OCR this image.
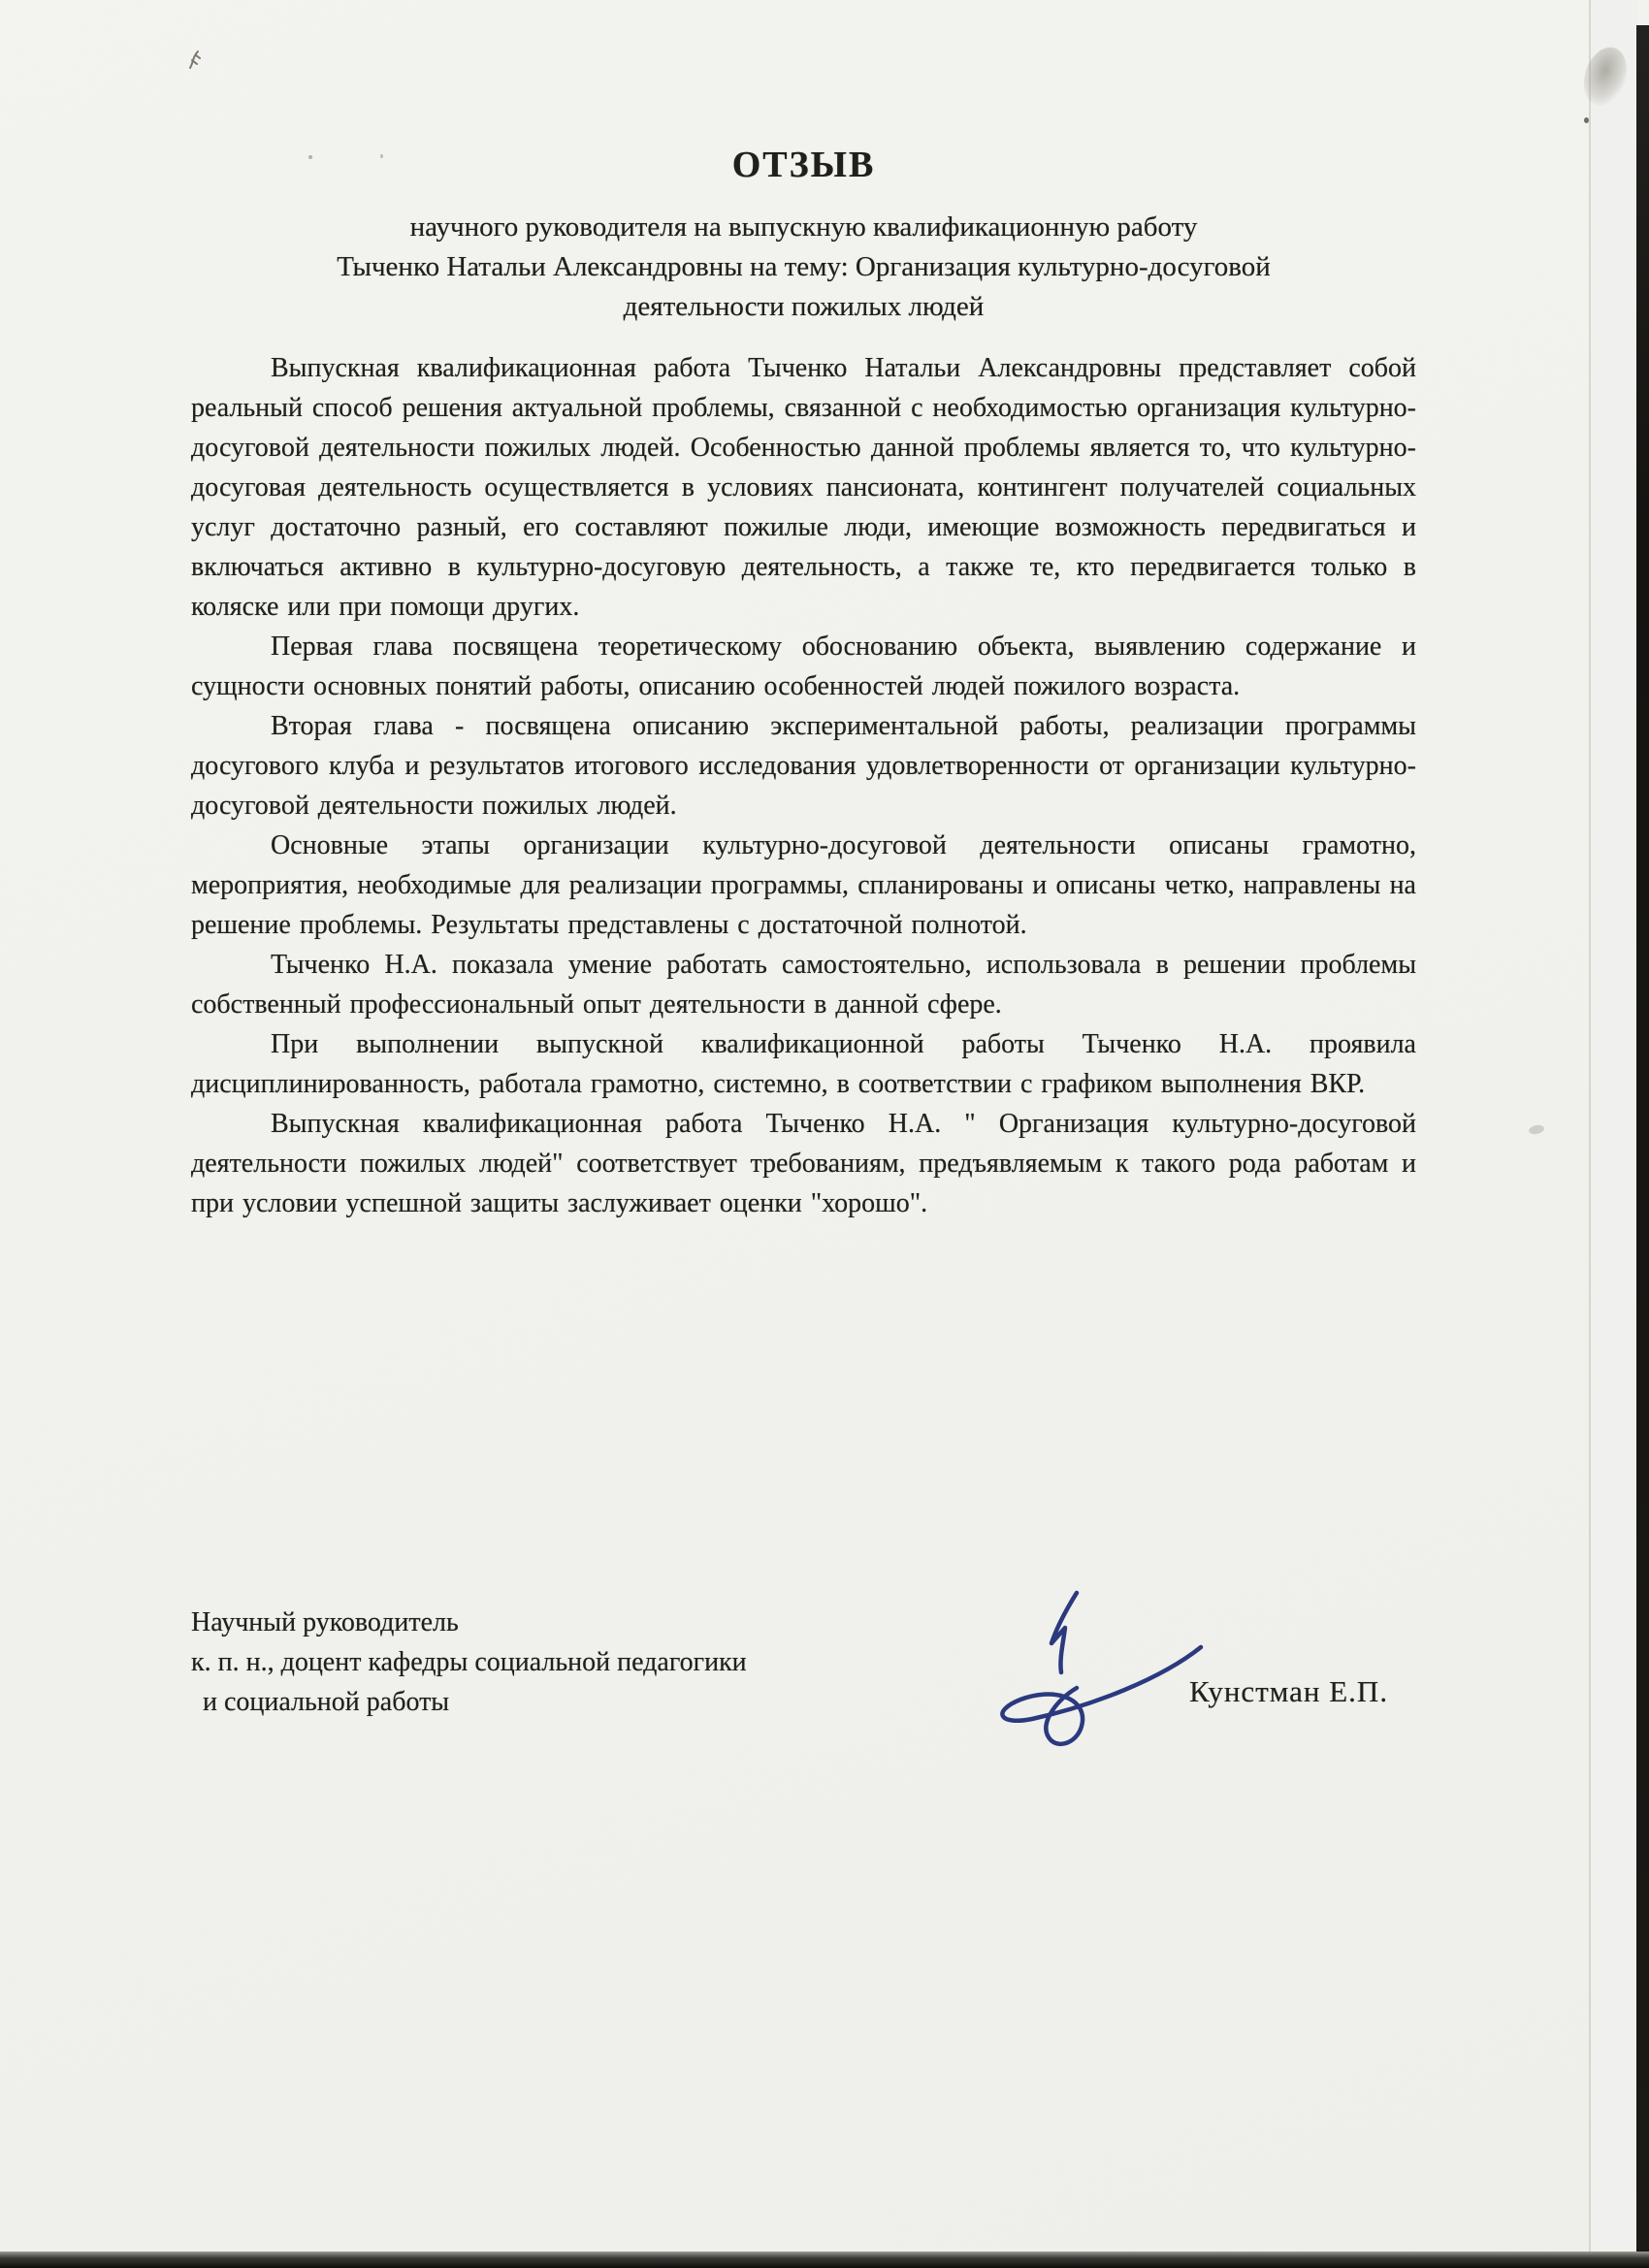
ОТЗЫВ
научного руководителя на выпускную квалификационную работу
Тыченко Натальи Александровны на тему: Организация культурно-досуговой
деятельности пожилых людей

Выпускная квалификационная работа Тыченко Натальи Александровны представляет собой реальный способ решения актуальной проблемы, связанной с необходимостью организация культурно-досуговой деятельности пожилых людей. Особенностью данной проблемы является то, что культурно-досуговая деятельность осуществляется в условиях пансионата, контингент получателей социальных услуг достаточно разный, его составляют пожилые люди, имеющие возможность передвигаться и включаться активно в культурно-досуговую деятельность, а также те, кто передвигается только в коляске или при помощи других.

Первая глава посвящена теоретическому обоснованию объекта, выявлению содержание и сущности основных понятий работы, описанию особенностей людей пожилого возраста.

Вторая глава - посвящена описанию экспериментальной работы, реализации программы досугового клуба и результатов итогового исследования удовлетворенности от организации культурно-досуговой деятельности пожилых людей.

Основные этапы организации культурно-досуговой деятельности описаны грамотно, мероприятия, необходимые для реализации программы, спланированы и описаны четко, направлены на решение проблемы. Результаты представлены с достаточной полнотой.

Тыченко Н.А. показала умение работать самостоятельно, использовала в решении проблемы собственный профессиональный опыт деятельности в данной сфере.

При выполнении выпускной квалификационной работы Тыченко Н.А. проявила дисциплинированность, работала грамотно, системно, в соответствии с графиком выполнения ВКР.

Выпускная квалификационная работа Тыченко Н.А. " Организация культурно-досуговой деятельности пожилых людей" соответствует требованиям, предъявляемым к такого рода работам и при условии успешной защиты заслуживает оценки "хорошо".

Научный руководитель
к. п. н., доцент кафедры социальной педагогики
и социальной работы	Кунстман Е.П.
